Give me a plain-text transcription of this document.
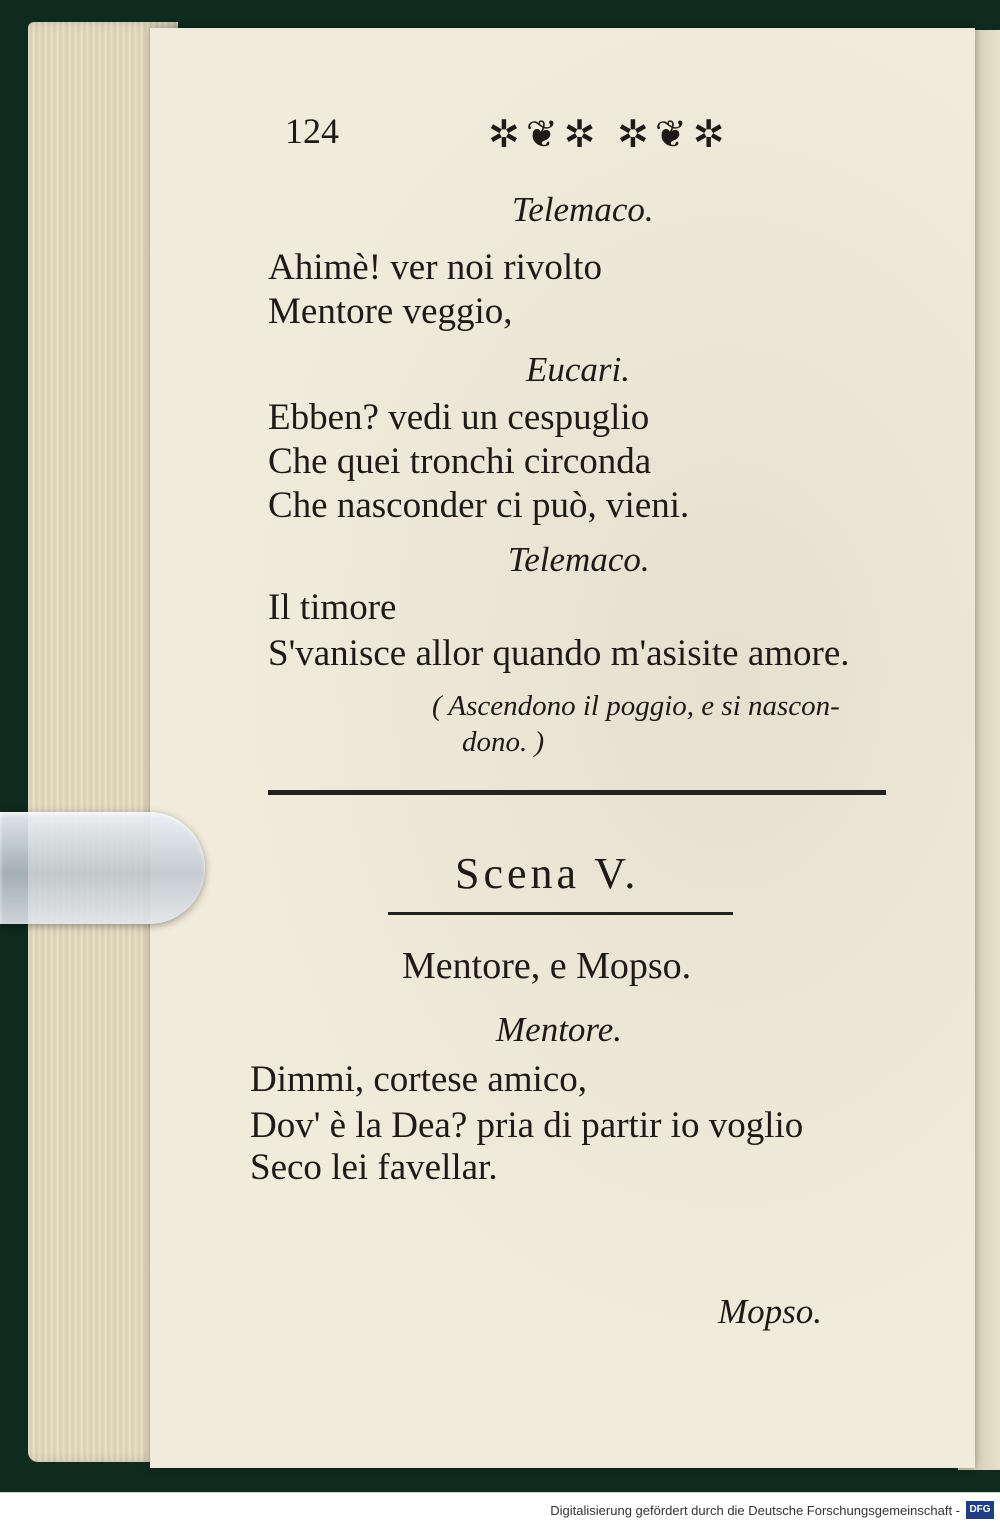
124	✲❦✲ ✲❦✲
Telemaco.
Ahimè! ver noi rivolto
Mentore veggio,
Eucari.
Ebben? vedi un cespuglio
Che quei tronchi circonda
Che nasconder ci può, vieni.
Telemaco.
Il timore
S'vanisce allor quando m'asisite amore.
( Ascendono il poggio, e si nascon-
dono. )
Scena V.
Mentore, e Mopso.
Mentore.
Dimmi, cortese amico,
Dov' è la Dea? pria di partir io voglio
Seco lei favellar.
Mopso.
Digitalisierung gefördert durch die Deutsche Forschungsgemeinschaft - DFG
